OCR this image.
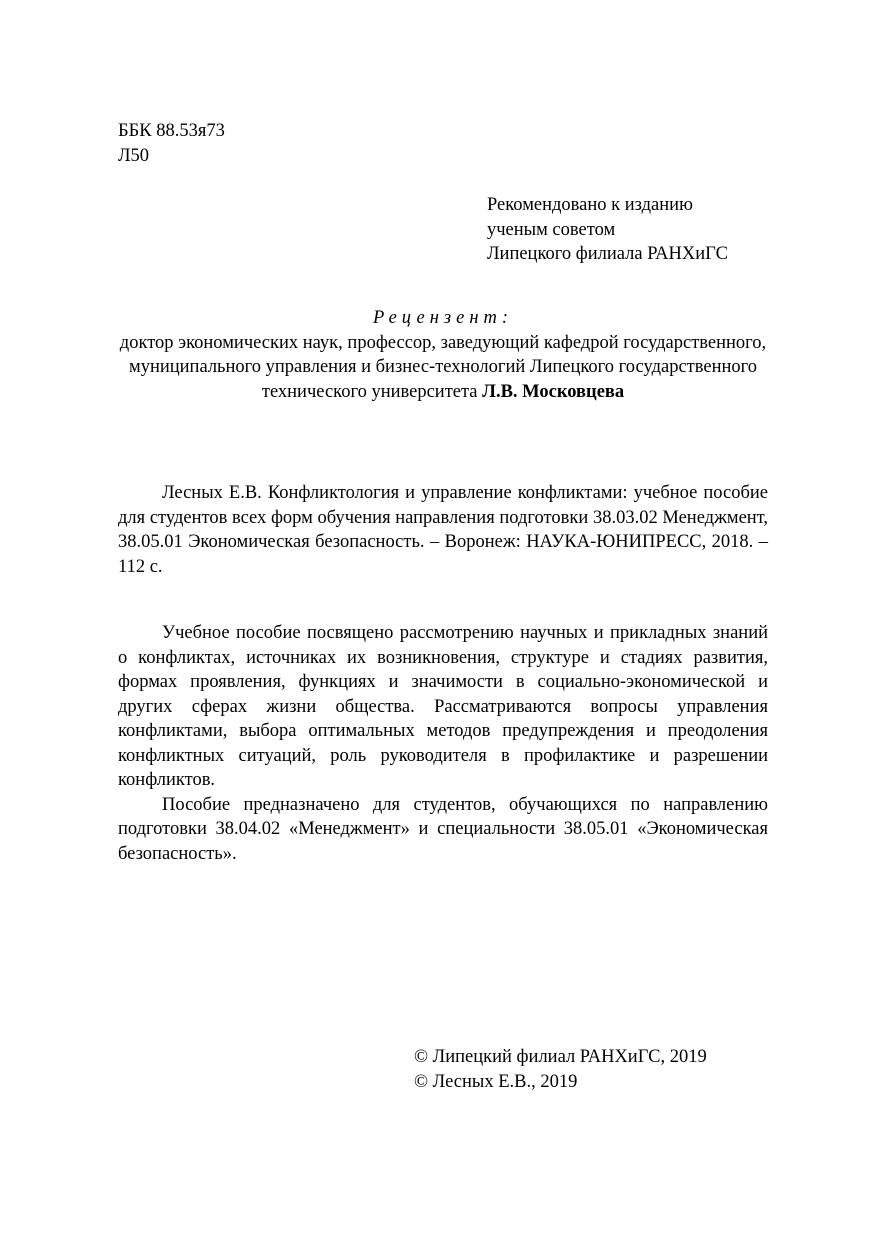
ББК 88.53я73
Л50
Рекомендовано к изданию
ученым советом
Липецкого филиала РАНХиГС
Рецензент:
доктор экономических наук, профессор, заведующий кафедрой государственного, муниципального управления и бизнес-технологий Липецкого государственного технического университета Л.В. Московцева
Лесных Е.В. Конфликтология и управление конфликтами: учебное пособие для студентов всех форм обучения направления подготовки 38.03.02 Менеджмент, 38.05.01 Экономическая безопасность. – Воронеж: НАУКА-ЮНИПРЕСС, 2018. – 112 с.

Учебное пособие посвящено рассмотрению научных и прикладных знаний о конфликтах, источниках их возникновения, структуре и стадиях развития, формах проявления, функциях и значимости в социально-экономической и других сферах жизни общества. Рассматриваются вопросы управления конфликтами, выбора оптимальных методов предупреждения и преодоления конфликтных ситуаций, роль руководителя в профилактике и разрешении конфликтов.

Пособие предназначено для студентов, обучающихся по направлению подготовки 38.04.02 «Менеджмент» и специальности 38.05.01 «Экономическая безопасность».

© Липецкий филиал РАНХиГС, 2019
© Лесных Е.В., 2019
